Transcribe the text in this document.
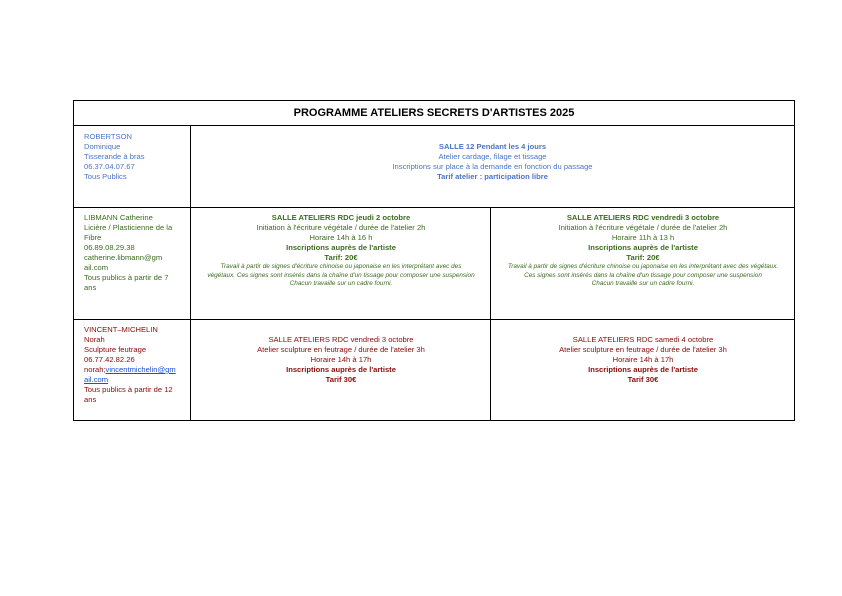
PROGRAMME ATELIERS SECRETS D'ARTISTES 2025
ROBERTSON
Dominique
Tisserande à bras
06.37.04.07.67
Tous Publics
SALLE 12 Pendant les 4 jours
Atelier cardage, filage et tissage
Inscriptions sur place à la demande en fonction du passage
Tarif atelier : participation libre
LIBMANN Catherine
Licière / Plasticienne de la Fibre
06.89.08.29.38
catherine.libmann@gm ail.com
Tous publics à partir de 7 ans
SALLE ATELIERS RDC jeudi 2 octobre
Initiation à l'écriture végétale / durée de l'atelier 2h
Horaire 14h à 16 h
Inscriptions auprès de l'artiste
Tarif: 20€
Travail à partir de signes d'écriture chinoise ou japonaise en les interprétant avec des végétaux. Ces signes sont insérés dans la chaîne d'un tissage pour composer une suspension
Chacun travaille sur un cadre fourni.
SALLE ATELIERS RDC vendredi 3 octobre
Initiation à l'écriture végétale / durée de l'atelier 2h
Horaire 11h à 13 h
Inscriptions auprès de l'artiste
Tarif: 20€
Travail à partir de signes d'écriture chinoise ou japonaise en les interprétant avec des végétaux. Ces signes sont insérés dans la chaîne d'un tissage pour composer une suspension
Chacun travaille sur un cadre fourni.
VINCENT–MICHELIN
Norah
Sculpture feutrage
06.77.42.82.26
norah;vincentmichelin@gm ail.com
Tous publics à partir de 12 ans
SALLE ATELIERS RDC vendredi 3 octobre
Atelier sculpture en feutrage / durée de l'atelier 3h
Horaire 14h à 17h
Inscriptions auprès de l'artiste
Tarif 30€
SALLE ATELIERS RDC samedi 4 octobre
Atelier sculpture en feutrage / durée de l'atelier 3h
Horaire 14h à 17h
Inscriptions auprès de l'artiste
Tarif 30€
